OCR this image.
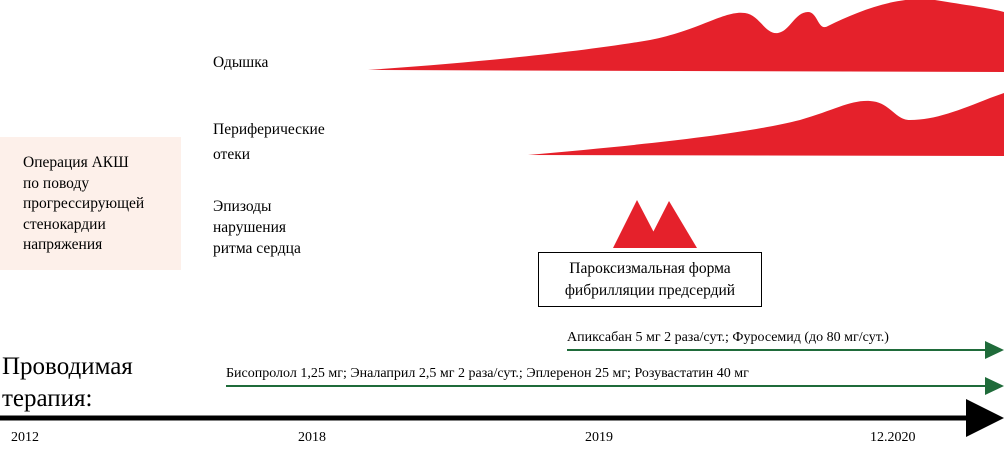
Операция АКШ
по поводу
прогрессирующей
стенокардии
напряжения
Одышка
Периферические
отеки
Эпизоды
нарушения
ритма сердца
Пароксизмальная форма
фибрилляции предсердий
Апиксабан 5 мг 2 раза/сут.; Фуросемид (до 80 мг/сут.)
Бисопролол 1,25 мг; Эналаприл 2,5 мг 2 раза/сут.; Эплеренон 25 мг; Розувастатин 40 мг
Проводимая
терапия:
2012	2018	2019	12.2020
